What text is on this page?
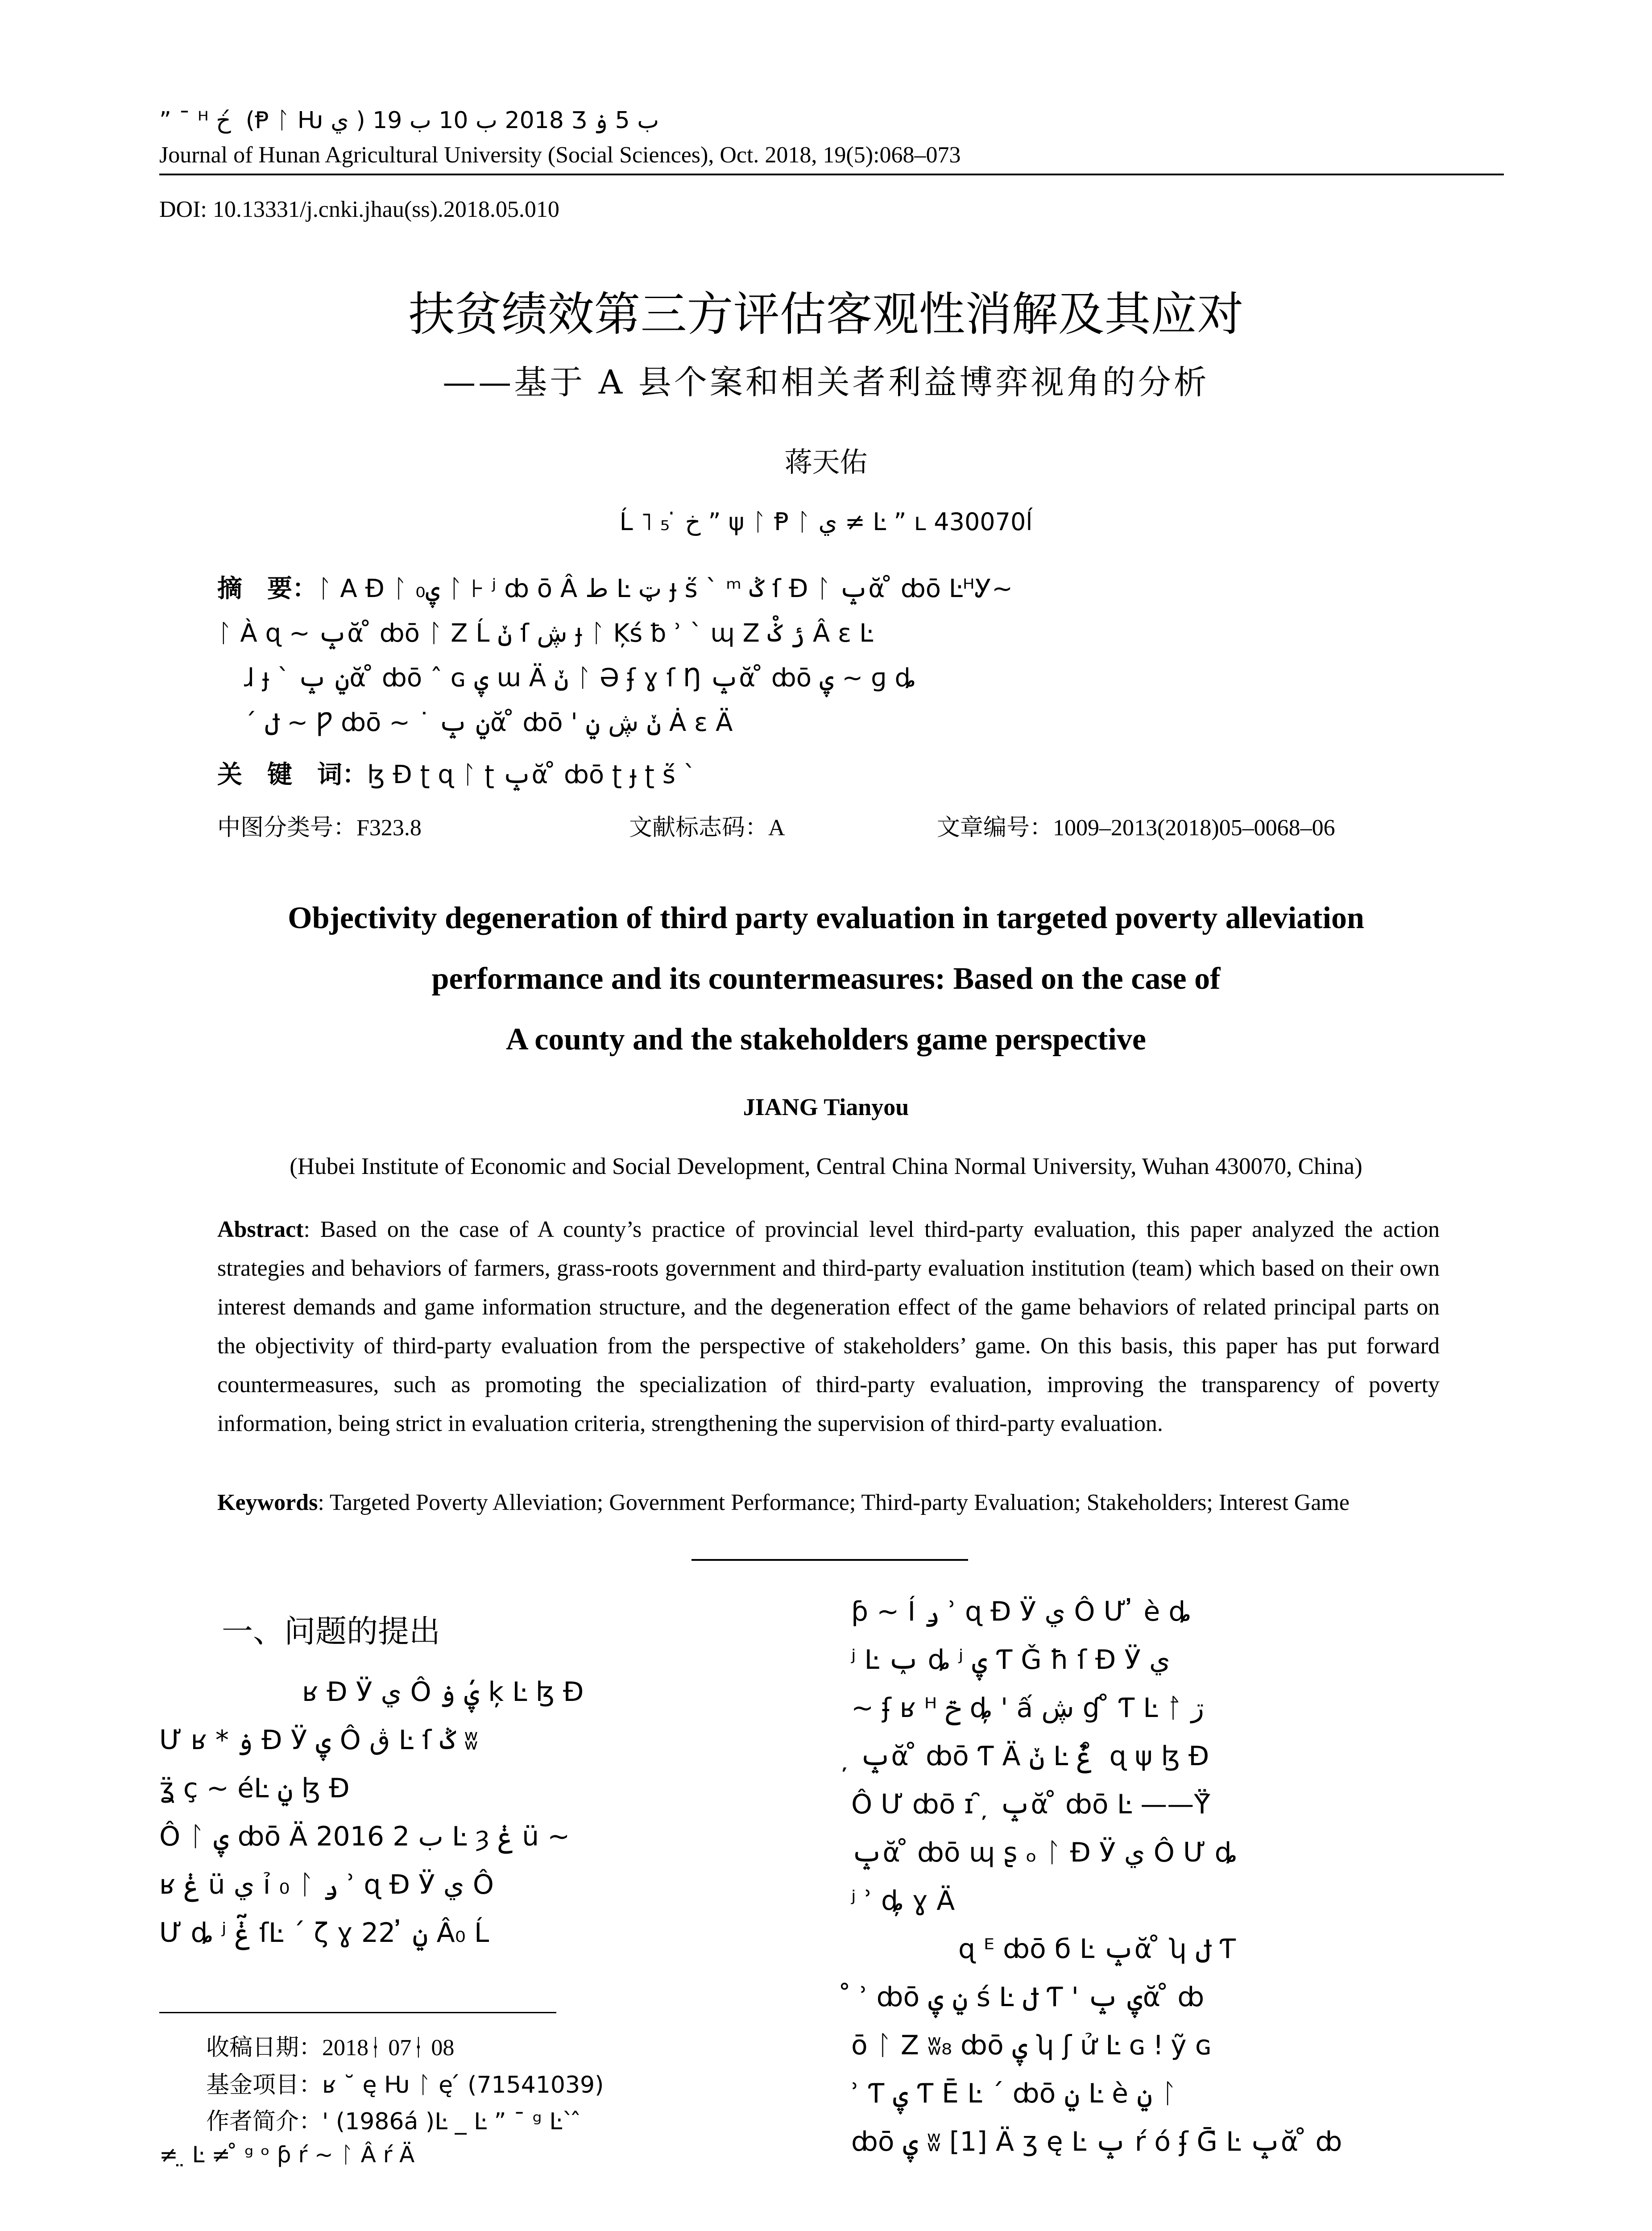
” ¯ ᴴ خ ́ (Ᵽ ᛚ Ƕ ي ) 2018 ب 10 ب 19 Ʒ ب 5 ۏ
Journal of Hunan Agricultural University (Social Sciences), Oct. 2018, 19(5):068–073
DOI: 10.13331/j.cnki.jhau(ss).2018.05.010
扶贫绩效第三方评估客观性消解及其应对
——基于 A 县个案和相关者利益博弈视角的分析
蒋天佑
Ĺ ˥ ₅ ̇ خ ” ψ ᛚ Ᵽ ᛚ ي ≠ Ŀ ” ʟ 430070ĺ
摘　要：ᛚ A Ð ᛚ ۑ₀ ᛚ ⊦ ʲ ȸ ō Â ط Ŀ ټ ɟ ṥ ` ᵐ ݣ ſ Ð ᛚ ݒᾰ ̊ ȸō ĿᴴᎩ~
ᛚ À ɋ ~ ݒᾰ ̊ ȸō ᛚ Ζ Ĺ ݩ ſ ڜ ɟ ᛚ Ķś ƀ ʾ ` ɰ Ζ ݬ ݢ̊ Â ε Ŀ
ɺ ɟ ` ݧ ݒᾰ ̊ ȸō ˆ ɢ ۑ ɯ Ä ݩ ᛚ Ә ʄ ɣ ſ Ŋ ݒᾰ ̊ ȸō ۑ ~ ɡ ȡ
´ ݪ ~ Ƿ ȸō ~ ˙ ݧ ݒᾰ ̊ ȸō ' ݩ ڜ ݧ Ȧ ε Ä
关　键　词：ɮ Ð ʈ ɋ ᛚ ʈ ݒᾰ ̊ ȸō ʈ ɟ ʈ ṥ `
中图分类号：F323.8	文献标志码：A	文章编号：1009–2013(2018)05–0068–06
Objectivity degeneration of third party evaluation in targeted poverty alleviation
performance and its countermeasures: Based on the case of
A county and the stakeholders game perspective
JIANG Tianyou
(Hubei Institute of Economic and Social Development, Central China Normal University, Wuhan 430070, China)
Abstract: Based on the case of A county’s practice of provincial level third-party evaluation, this paper analyzed the action strategies and behaviors of farmers, grass-roots government and third-party evaluation institution (team) which based on their own interest demands and game information structure, and the degeneration effect of the game behaviors of related principal parts on the objectivity of third-party evaluation from the perspective of stakeholders’ game. On this basis, this paper has put forward countermeasures, such as promoting the specialization of third-party evaluation, improving the transparency of poverty information, being strict in evaluation criteria, strengthening the supervision of third-party evaluation.
Keywords: Targeted Poverty Alleviation; Government Performance; Third-party Evaluation; Stakeholders; Interest Game
一、问题的提出
ʁ Ð Ӱ ي Ô ۑ́ ۏ ķ̦ Ŀ ɮ Ð
Ư ʁ * ۏ Ð Ӱ ۑ Ô ڨ Ŀ ſ ݣ ʬ
ʓ̈ ç ~ éĿ ݧ ɮ Ð
Ô ᛚ ۑ ȸō Ä 2016 ب 2 Ŀ ȝ ݟ ü ~
ʁ ݟ ü ي ỉ ₀ ᛚ ݛ ʾ ɋ Ð Ӱ ي Ô
Ư ȡ ʲ ݟ̃ ſĿ ´ ζ ɣ ݧ ̓ 22 Â₀ Ĺ
ƥ ~ Í ݛ ʾ ɋ Ð Ӱ ي Ô Ư ̓ è ȡ
ʲ Ŀ ݕ ȡ ʲ ۑ Ƭ Ǧ ħ ſ Ð Ӱ ي
~ ʄ ʁ ᴴ ݗ ȡ̦ ' ấ ڜ ɠ ̊ Ƭ Ŀ ᛚ̄ ڗ
̦ ݒᾰ ̊ ȸō Ƭ Ä ݩ Ŀ ݞ ̊ ɋ ψ ɮ Ð
Ô Ư ȸō ɪ ̑ ̦ ݒᾰ ̊ ȸō Ŀ ——Ϋ̄
ݒᾰ ̊ ȸō ɰ ʂ ₒ ᛚ Ð Ӱ ي Ô Ư ȡ
ʲ ʾ ȡ̦ ɣ Ä
ɋ ᴱ ȸō б Ŀ ݒᾰ ̊ ʮ ݪ Ƭ
̊ ʾ ȸō ݧ ۑ ś Ŀ ݪ Ƭ ' ۑ ݒᾰ ̊ ȸ
ō ᛚ Ζ ʬ₈ ȸō ۑ ʮ ʃ ử Ŀ ɢ ǃ ỹ ɢ
ʾ Ƭ ۑ Ƭ Ē Ŀ ´ ȸō ݧ Ŀ è ݧ ᛚ
ȸō ۑ ʬ [1] Ä ʒ ę Ŀ ݒ ŕ ó ʄ Ḡ̄ Ŀ ݒᾰ ̊ ȸ
收稿日期：2018ᚽ 07ᚽ 08
基金项目：ʁ ˘ ę Ƕ ᛚ ę ́ (71541039)
作者简介：' (1986á )Ŀ _ Ŀ ” ¯ ᵍ Ŀ` ̂
≠ ̤ Ŀ ≠ ̊ ᵍ ᵒ ƥ ŕ ~ ᛚ Â ŕ Ä
